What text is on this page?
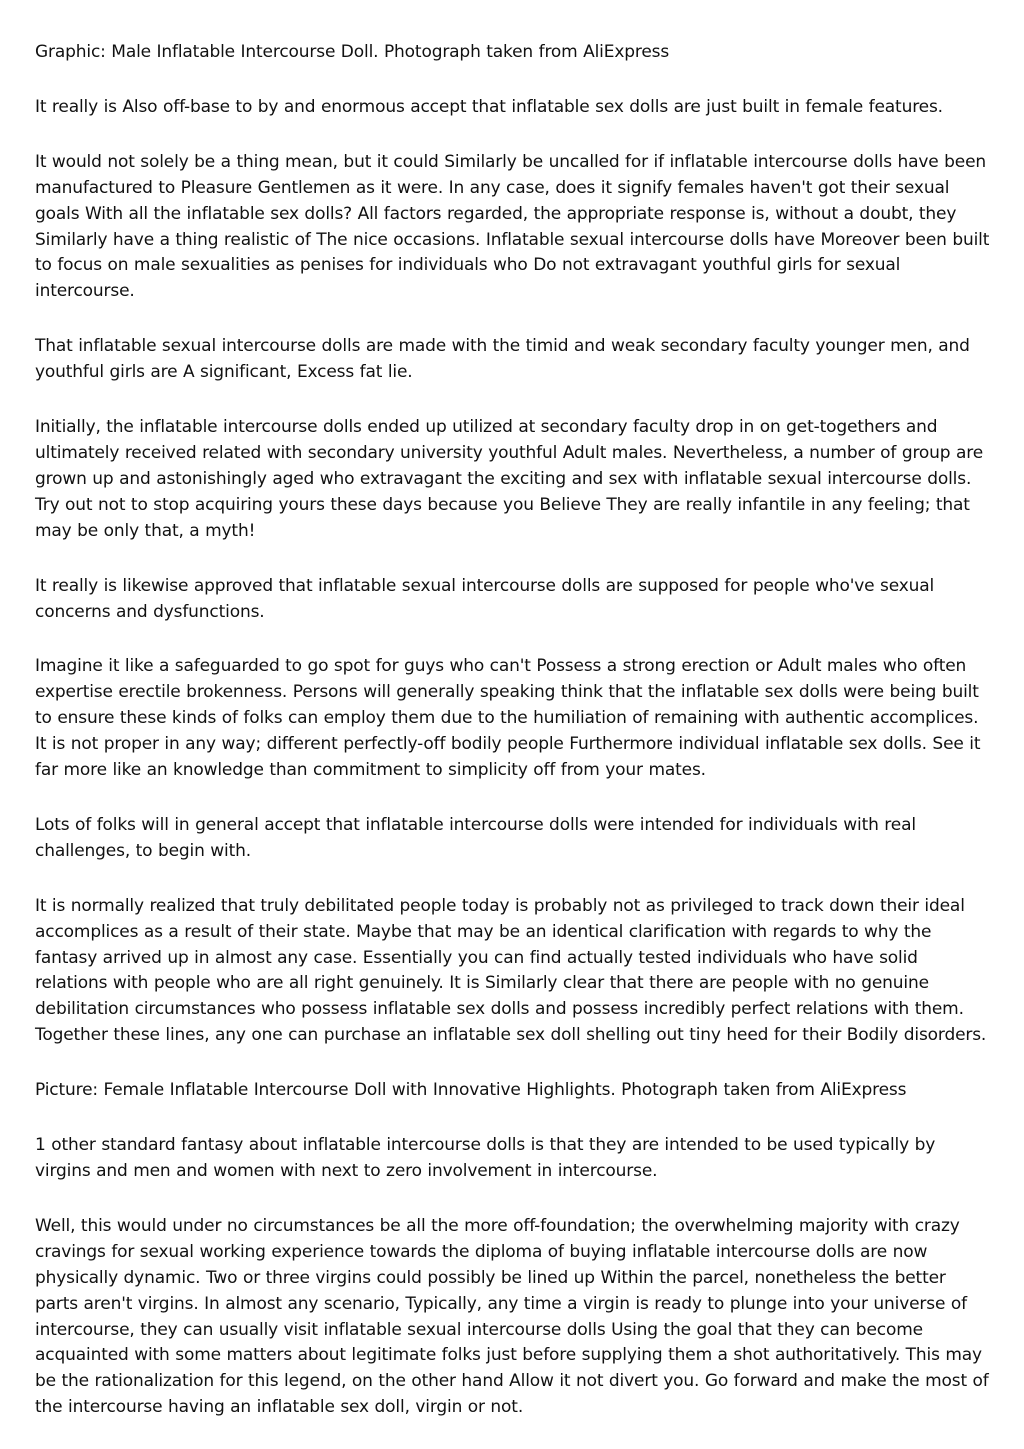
Graphic: Male Inflatable Intercourse Doll. Photograph taken from AliExpress

It really is Also off-base to by and enormous accept that inflatable sex dolls are just built in female features.

It would not solely be a thing mean, but it could Similarly be uncalled for if inflatable intercourse dolls have been manufactured to Pleasure Gentlemen as it were. In any case, does it signify females haven't got their sexual goals With all the inflatable sex dolls? All factors regarded, the appropriate response is, without a doubt, they Similarly have a thing realistic of The nice occasions. Inflatable sexual intercourse dolls have Moreover been built to focus on male sexualities as penises for individuals who Do not extravagant youthful girls for sexual intercourse.

That inflatable sexual intercourse dolls are made with the timid and weak secondary faculty younger men, and youthful girls are A significant, Excess fat lie.

Initially, the inflatable intercourse dolls ended up utilized at secondary faculty drop in on get-togethers and ultimately received related with secondary university youthful Adult males. Nevertheless, a number of group are grown up and astonishingly aged who extravagant the exciting and sex with inflatable sexual intercourse dolls. Try out not to stop acquiring yours these days because you Believe They are really infantile in any feeling; that may be only that, a myth!

It really is likewise approved that inflatable sexual intercourse dolls are supposed for people who've sexual concerns and dysfunctions.

Imagine it like a safeguarded to go spot for guys who can't Possess a strong erection or Adult males who often expertise erectile brokenness. Persons will generally speaking think that the inflatable sex dolls were being built to ensure these kinds of folks can employ them due to the humiliation of remaining with authentic accomplices. It is not proper in any way; different perfectly-off bodily people Furthermore individual inflatable sex dolls. See it far more like an knowledge than commitment to simplicity off from your mates.

Lots of folks will in general accept that inflatable intercourse dolls were intended for individuals with real challenges, to begin with.

It is normally realized that truly debilitated people today is probably not as privileged to track down their ideal accomplices as a result of their state. Maybe that may be an identical clarification with regards to why the fantasy arrived up in almost any case. Essentially you can find actually tested individuals who have solid relations with people who are all right genuinely. It is Similarly clear that there are people with no genuine debilitation circumstances who possess inflatable sex dolls and possess incredibly perfect relations with them. Together these lines, any one can purchase an inflatable sex doll shelling out tiny heed for their Bodily disorders.

Picture: Female Inflatable Intercourse Doll with Innovative Highlights. Photograph taken from AliExpress

1 other standard fantasy about inflatable intercourse dolls is that they are intended to be used typically by virgins and men and women with next to zero involvement in intercourse.

Well, this would under no circumstances be all the more off-foundation; the overwhelming majority with crazy cravings for sexual working experience towards the diploma of buying inflatable intercourse dolls are now physically dynamic. Two or three virgins could possibly be lined up Within the parcel, nonetheless the better parts aren't virgins. In almost any scenario, Typically, any time a virgin is ready to plunge into your universe of intercourse, they can usually visit inflatable sexual intercourse dolls Using the goal that they can become acquainted with some matters about legitimate folks just before supplying them a shot authoritatively. This may be the rationalization for this legend, on the other hand Allow it not divert you. Go forward and make the most of the intercourse having an inflatable sex doll, virgin or not.
